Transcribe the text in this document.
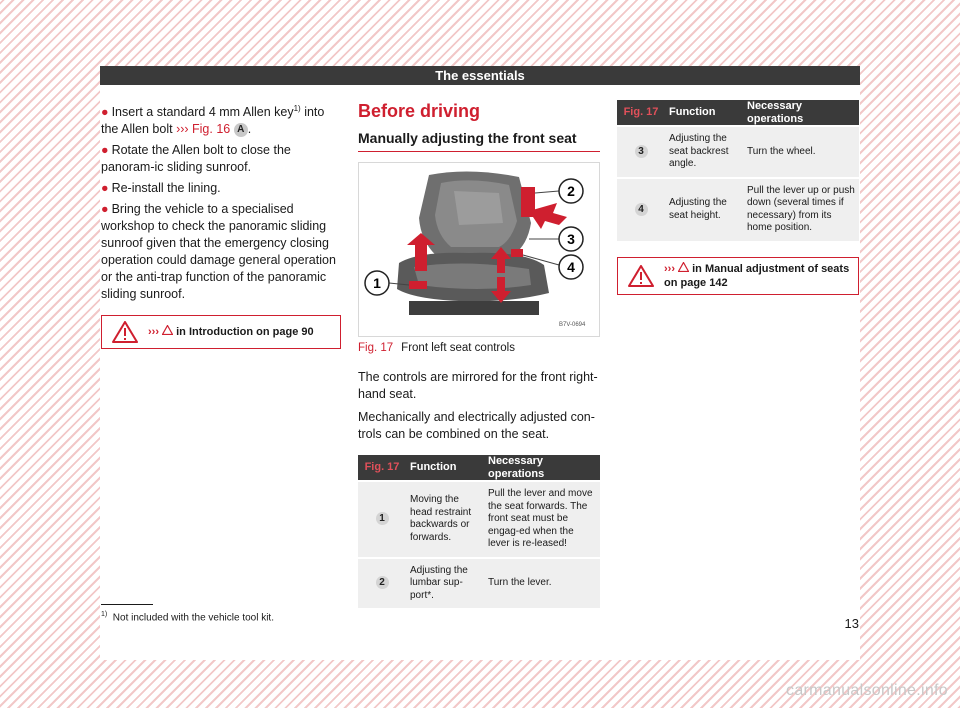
The essentials
● Insert a standard 4 mm Allen key$^{1)}$ into the Allen bolt ››› Fig. 16 A .
● Rotate the Allen bolt to close the panoram-ic sliding sunroof.
● Re-install the lining.
● Bring the vehicle to a specialised workshop to check the panoramic sliding sunroof given that the emergency closing operation could damage general operation or the anti-trap function of the panoramic sliding sunroof.
›››  in Introduction on page 90
Before driving
Manually adjusting the front seat
1
2
3
4
B7V-0694
Fig. 17 Front left seat controls

The controls are mirrored for the front right-hand seat.

Mechanically and electrically adjusted con-trols can be combined on the seat.

Fig. 17	Function	Necessary operations
1	Moving the head restraint backwards or forwards.	Pull the lever and move the seat forwards. The front seat must be engag-ed when the lever is re-leased!
2	Adjusting the lumbar sup-port*.	Turn the lever.
Fig. 17	Function	Necessary operations
3	Adjusting the seat backrest angle.	Turn the wheel.
4	Adjusting the seat height.	Pull the lever up or push down (several times if necessary) from its home position.
›››  in Manual adjustment of seats on page 142
$^{1)}$ Not included with the vehicle tool kit.	13
carmanualsonline.info
